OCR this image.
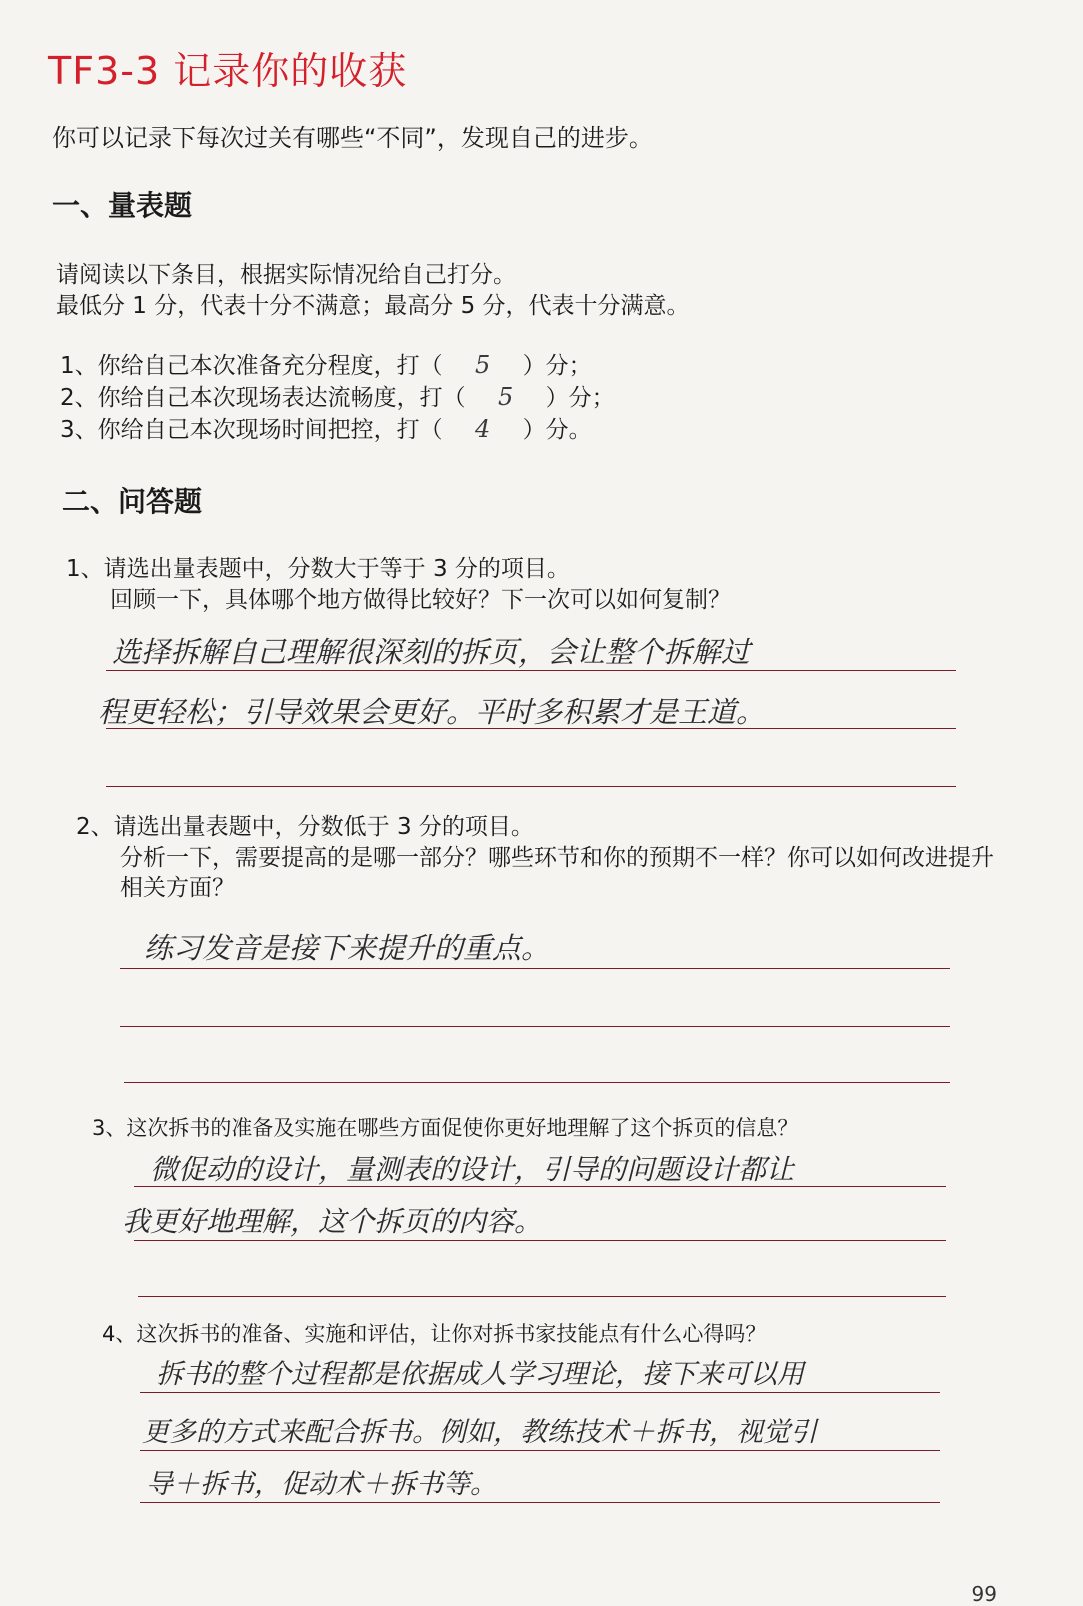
TF3-3 记录你的收获
你可以记录下每次过关有哪些“不同”，发现自己的进步。
一、量表题
请阅读以下条目，根据实际情况给自己打分。
最低分 1 分，代表十分不满意；最高分 5 分，代表十分满意。
1、你给自己本次准备充分程度，打（ 5 ）分；
2、你给自己本次现场表达流畅度，打（ 5 ）分；
3、你给自己本次现场时间把控，打（ 4 ）分。
二、问答题
1、请选出量表题中，分数大于等于 3 分的项目。
回顾一下，具体哪个地方做得比较好？下一次可以如何复制？
选择拆解自己理解很深刻的拆页，会让整个拆解过
程更轻松；引导效果会更好。平时多积累才是王道。
2、请选出量表题中，分数低于 3 分的项目。
分析一下，需要提高的是哪一部分？哪些环节和你的预期不一样？你可以如何改进提升
相关方面？
练习发音是接下来提升的重点。
3、这次拆书的准备及实施在哪些方面促使你更好地理解了这个拆页的信息？
微促动的设计，量测表的设计，引导的问题设计都让
我更好地理解，这个拆页的内容。
4、这次拆书的准备、实施和评估，让你对拆书家技能点有什么心得吗？
拆书的整个过程都是依据成人学习理论，接下来可以用
更多的方式来配合拆书。例如，教练技术＋拆书，视觉引
导＋拆书，促动术＋拆书等。
99
